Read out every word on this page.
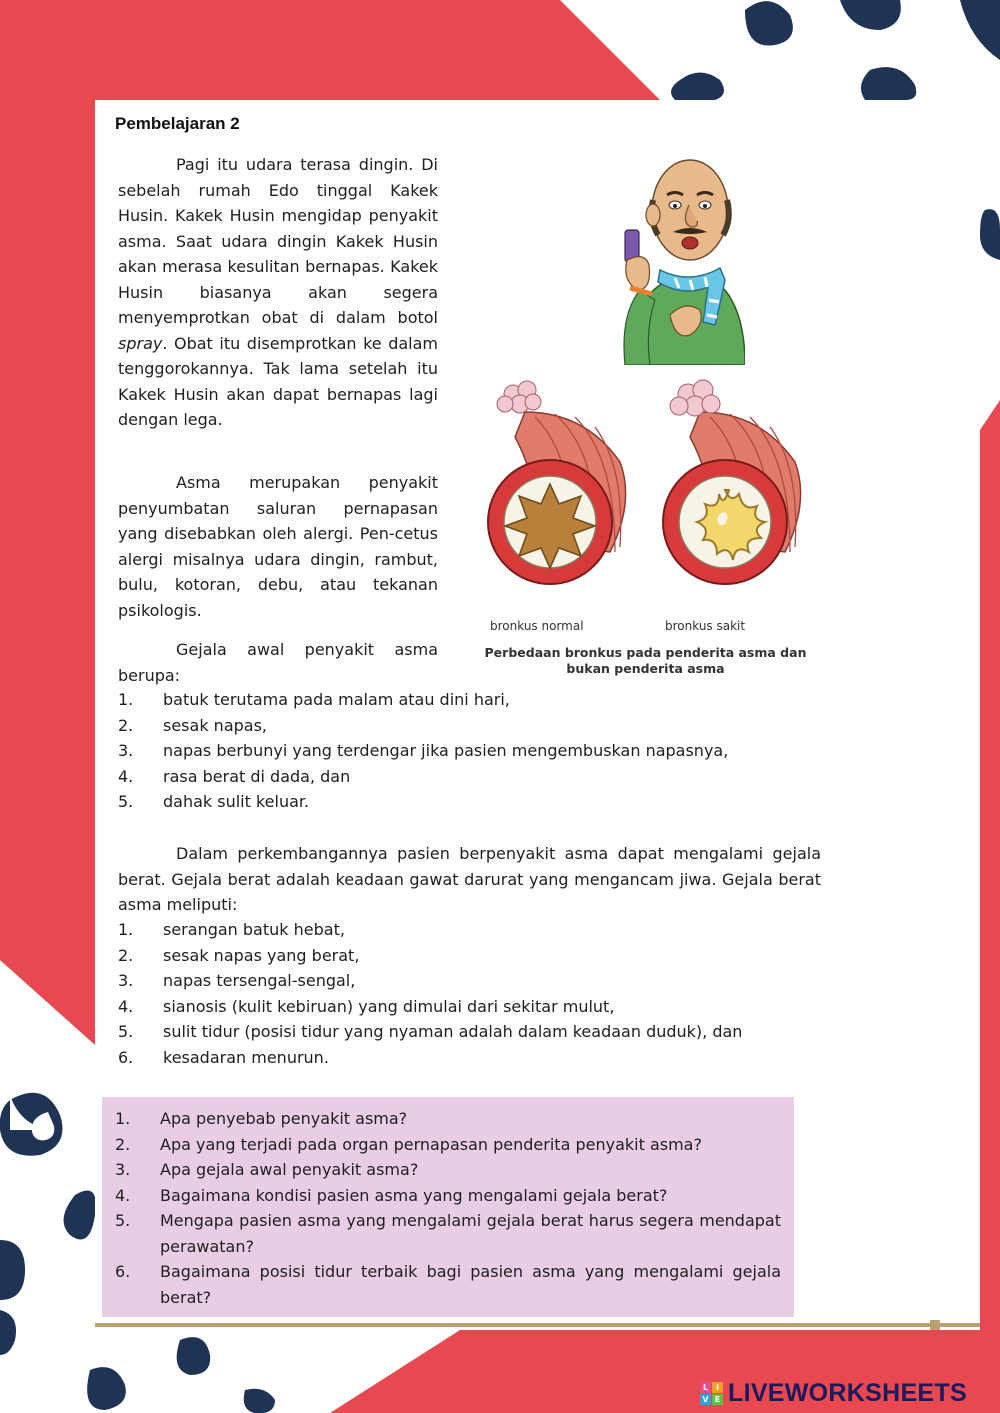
Pembelajaran 2

Pagi itu udara terasa dingin. Di sebelah rumah Edo tinggal Kakek Husin. Kakek Husin mengidap penyakit asma. Saat udara dingin Kakek Husin akan merasa kesulitan bernapas. Kakek Husin biasanya akan segera menyemprotkan obat di dalam botol spray. Obat itu disemprotkan ke dalam tenggorokannya. Tak lama setelah itu Kakek Husin akan dapat bernapas lagi dengan lega.

Asma merupakan penyakit penyumbatan saluran pernapasan yang disebabkan oleh alergi. Pen-cetus alergi misalnya udara dingin, rambut, bulu, kotoran, debu, atau tekanan psikologis.

Gejala awal penyakit asma berupa:

1.	batuk terutama pada malam atau dini hari,
2.	sesak napas,
3.	napas berbunyi yang terdengar jika pasien mengembuskan napasnya,
4.	rasa berat di dada, dan
5.	dahak sulit keluar.

Dalam perkembangannya pasien berpenyakit asma dapat mengalami gejala berat. Gejala berat adalah keadaan gawat darurat yang mengancam jiwa. Gejala berat asma meliputi:

1.	serangan batuk hebat,
2.	sesak napas yang berat,
3.	napas tersengal-sengal,
4.	sianosis (kulit kebiruan) yang dimulai dari sekitar mulut,
5.	sulit tidur (posisi tidur yang nyaman adalah dalam keadaan duduk), dan
6.	kesadaran menurun.
bronkus normal	bronkus sakit
Perbedaan bronkus pada penderita asma dan bukan penderita asma
1.	Apa penyebab penyakit asma?
2.	Apa yang terjadi pada organ pernapasan penderita penyakit asma?
3.	Apa gejala awal penyakit asma?
4.	Bagaimana kondisi pasien asma yang mengalami gejala berat?
5.	Mengapa pasien asma yang mengalami gejala berat harus segera mendapat perawatan?
6.	Bagaimana posisi tidur terbaik bagi pasien asma yang mengalami gejala berat?
L I
V E LIVEWORKSHEETS
